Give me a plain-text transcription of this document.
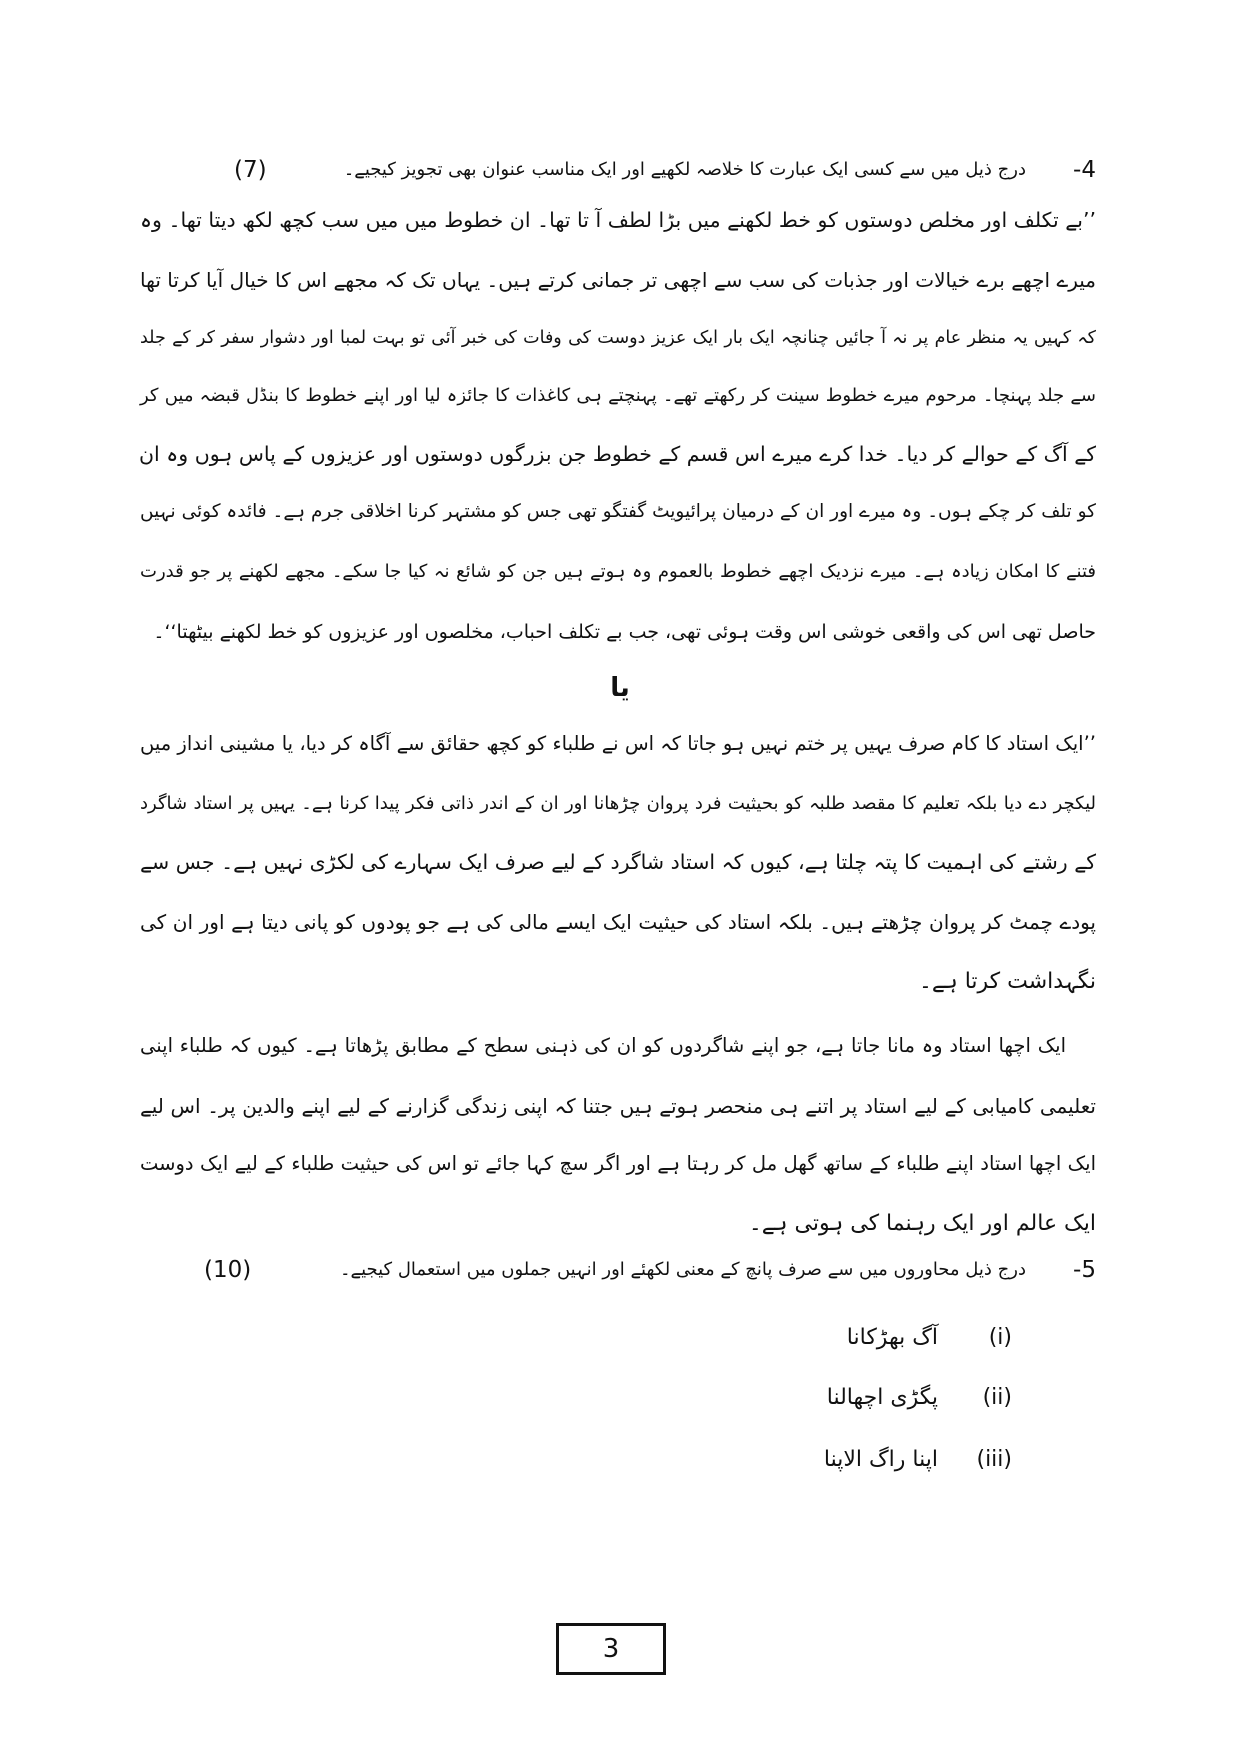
4-
درج ذیل میں سے کسی ایک عبارت کا خلاصہ لکھیے اور ایک مناسب عنوان بھی تجویز کیجیے۔
(7)
’’بے تکلف اور مخلص دوستوں کو خط لکھنے میں بڑا لطف آ تا تھا۔ ان خطوط میں میں سب کچھ لکھ دیتا تھا۔ وہ
میرے اچھے برے خیالات اور جذبات کی سب سے اچھی تر جمانی کرتے ہیں۔ یہاں تک کہ مجھے اس کا خیال آیا کرتا تھا
کہ کہیں یہ منظر عام پر نہ آ جائیں چنانچہ ایک بار ایک عزیز دوست کی وفات کی خبر آئی تو بہت لمبا اور دشوار سفر کر کے جلد
سے جلد پہنچا۔ مرحوم میرے خطوط سینت کر رکھتے تھے۔ پہنچتے ہی کاغذات کا جائزہ لیا اور اپنے خطوط کا بنڈل قبضہ میں کر
کے آگ کے حوالے کر دیا۔ خدا کرے میرے اس قسم کے خطوط جن بزرگوں دوستوں اور عزیزوں کے پاس ہوں وہ ان
کو تلف کر چکے ہوں۔ وہ میرے اور ان کے درمیان پرائیویٹ گفتگو تھی جس کو مشتہر کرنا اخلاقی جرم ہے۔ فائدہ کوئی نہیں
فتنے کا امکان زیادہ ہے۔ میرے نزدیک اچھے خطوط بالعموم وہ ہوتے ہیں جن کو شائع نہ کیا جا سکے۔ مجھے لکھنے پر جو قدرت
حاصل تھی اس کی واقعی خوشی اس وقت ہوئی تھی، جب بے تکلف احباب، مخلصوں اور عزیزوں کو خط لکھنے بیٹھتا‘‘۔
یا
’’ایک استاد کا کام صرف یہیں پر ختم نہیں ہو جاتا کہ اس نے طلباء کو کچھ حقائق سے آگاہ کر دیا، یا مشینی انداز میں
لیکچر دے دیا بلکہ تعلیم کا مقصد طلبہ کو بحیثیت فرد پروان چڑھانا اور ان کے اندر ذاتی فکر پیدا کرنا ہے۔ یہیں پر استاد شاگرد
کے رشتے کی اہمیت کا پتہ چلتا ہے، کیوں کہ استاد شاگرد کے لیے صرف ایک سہارے کی لکڑی نہیں ہے۔ جس سے
پودے چمٹ کر پروان چڑھتے ہیں۔ بلکہ استاد کی حیثیت ایک ایسے مالی کی ہے جو پودوں کو پانی دیتا ہے اور ان کی
نگہداشت کرتا ہے۔
ایک اچھا استاد وہ مانا جاتا ہے، جو اپنے شاگردوں کو ان کی ذہنی سطح کے مطابق پڑھاتا ہے۔ کیوں کہ طلباء اپنی
تعلیمی کامیابی کے لیے استاد پر اتنے ہی منحصر ہوتے ہیں جتنا کہ اپنی زندگی گزارنے کے لیے اپنے والدین پر۔ اس لیے
ایک اچھا استاد اپنے طلباء کے ساتھ گھل مل کر رہتا ہے اور اگر سچ کہا جائے تو اس کی حیثیت طلباء کے لیے ایک دوست
ایک عالم اور ایک رہنما کی ہوتی ہے۔
5-
درج ذیل محاوروں میں سے صرف پانچ کے معنی لکھئے اور انہیں جملوں میں استعمال کیجیے۔
(10)
(i)آگ بھڑکانا
(ii)پگڑی اچھالنا
(iii)اپنا راگ الاپنا
3
